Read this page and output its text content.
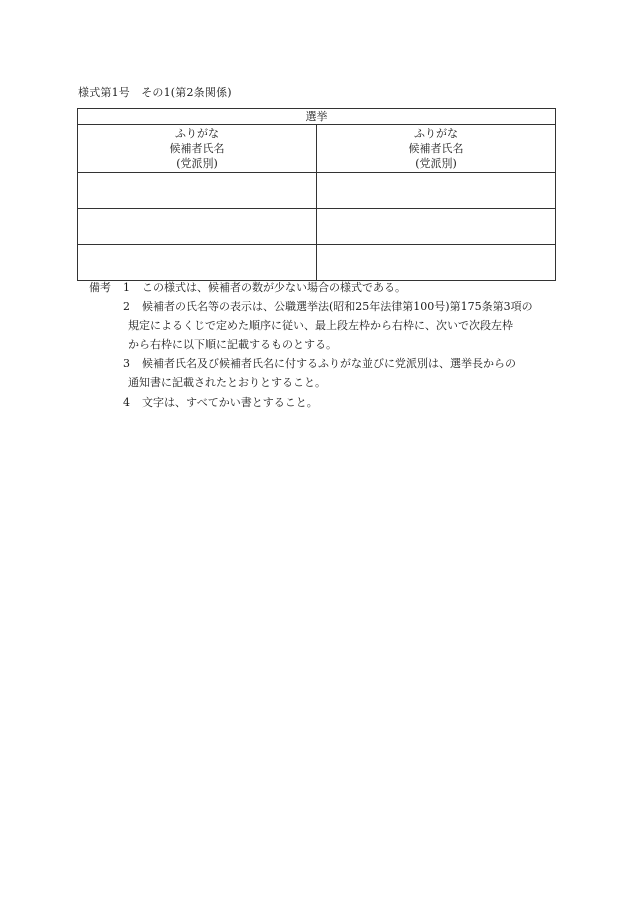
様式第1号　その1(第2条関係)
選挙	

ふりがな
候補者氏名
(党派別)	ふりがな
候補者氏名
(党派別)

備考 1 この様式は、候補者の数が少ない場合の様式である。
2 候補者の氏名等の表示は、公職選挙法(昭和25年法律第100号)第175条第3項の
規定によるくじで定めた順序に従い、最上段左枠から右枠に、次いで次段左枠
から右枠に以下順に記載するものとする。
3 候補者氏名及び候補者氏名に付するふりがな並びに党派別は、選挙長からの
通知書に記載されたとおりとすること。
4 文字は、すべてかい書とすること。
